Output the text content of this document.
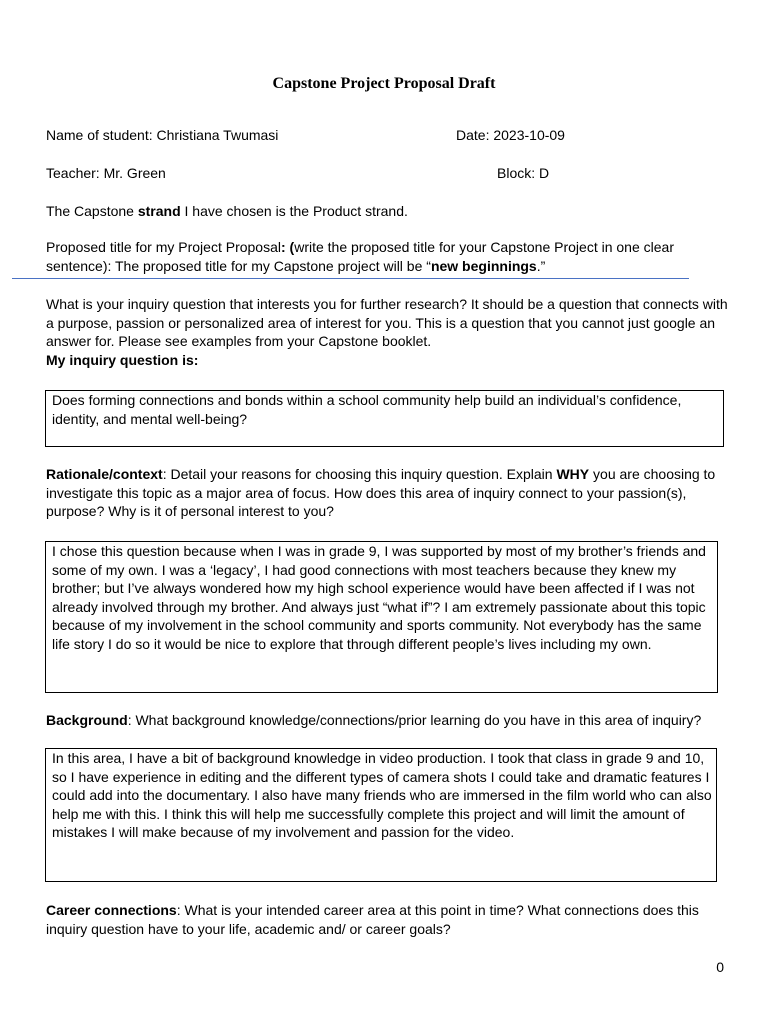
Capstone Project Proposal Draft
Name of student: Christiana Twumasi	Date: 2023-10-09
Teacher: Mr. Green	Block: D
The Capstone strand I have chosen is the Product strand.
Proposed title for my Project Proposal: (write the proposed title for your Capstone Project in one clear
sentence): The proposed title for my Capstone project will be “new beginnings.”
What is your inquiry question that interests you for further research? It should be a question that connects with
a purpose, passion or personalized area of interest for you. This is a question that you cannot just google an
answer for. Please see examples from your Capstone booklet.
My inquiry question is:
Does forming connections and bonds within a school community help build an individual’s confidence,
identity, and mental well-being?
Rationale/context: Detail your reasons for choosing this inquiry question. Explain WHY you are choosing to
investigate this topic as a major area of focus. How does this area of inquiry connect to your passion(s),
purpose? Why is it of personal interest to you?
I chose this question because when I was in grade 9, I was supported by most of my brother’s friends and
some of my own. I was a ‘legacy’, I had good connections with most teachers because they knew my
brother; but I’ve always wondered how my high school experience would have been affected if I was not
already involved through my brother. And always just “what if”? I am extremely passionate about this topic
because of my involvement in the school community and sports community. Not everybody has the same
life story I do so it would be nice to explore that through different people’s lives including my own.
Background: What background knowledge/connections/prior learning do you have in this area of inquiry?
In this area, I have a bit of background knowledge in video production. I took that class in grade 9 and 10,
so I have experience in editing and the different types of camera shots I could take and dramatic features I
could add into the documentary. I also have many friends who are immersed in the film world who can also
help me with this. I think this will help me successfully complete this project and will limit the amount of
mistakes I will make because of my involvement and passion for the video.
Career connections: What is your intended career area at this point in time? What connections does this
inquiry question have to your life, academic and/ or career goals?
0
